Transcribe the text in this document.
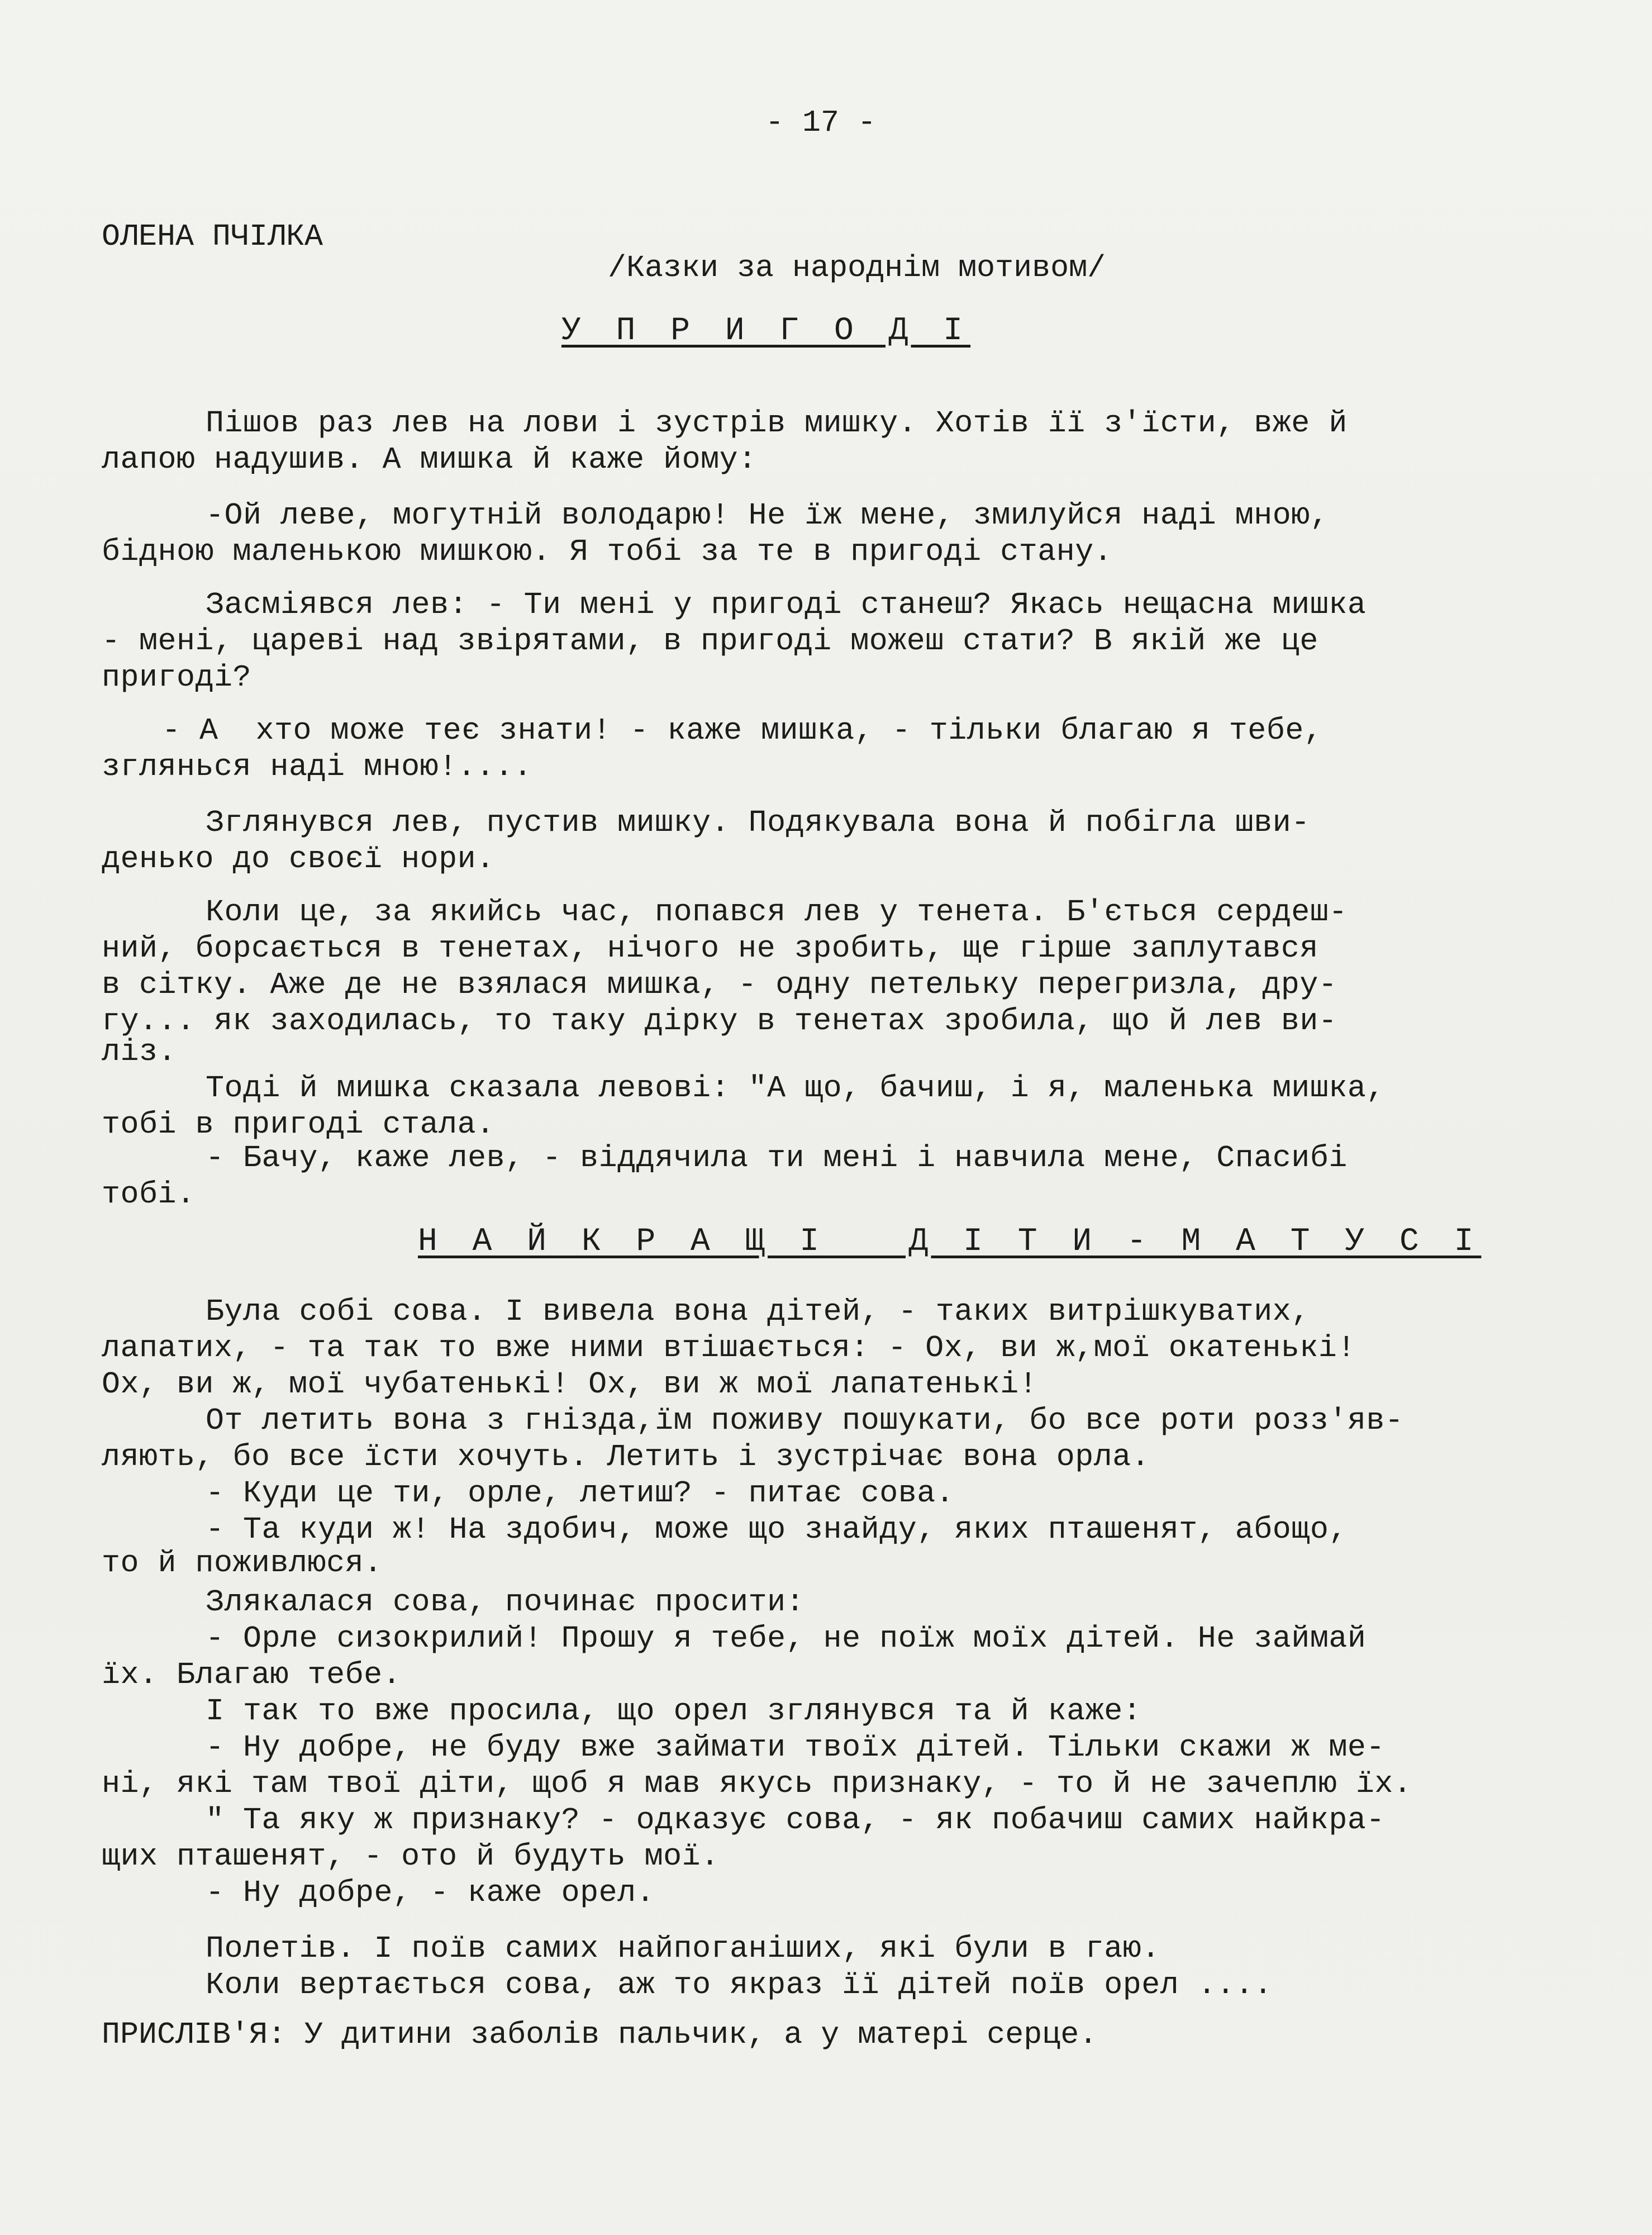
- 17 -
ОЛЕНА ПЧІЛКА
/Казки за народнім мотивом/
У П Р И Г О Д І
Пішов раз лев на лови і зустрів мишку. Хотів її з'їсти, вже й
лапою надушив. А мишка й каже йому:
-Ой леве, могутній володарю! Не їж мене, змилуйся наді мною,
бідною маленькою мишкою. Я тобі за те в пригоді стану.
Засміявся лев: - Ти мені у пригоді станеш? Якась нещасна мишка
- мені, цареві над звірятами, в пригоді можеш стати? В якій же це
пригоді?
- А  хто може теє знати! - каже мишка, - тільки благаю я тебе,
зглянься наді мною!....
Зглянувся лев, пустив мишку. Подякувала вона й побігла шви-
денько до своєї нори.
Коли це, за якийсь час, попався лев у тенета. Б'ється сердеш-
ний, борсається в тенетах, нічого не зробить, ще гірше заплутався
в сітку. Аже де не взялася мишка, - одну петельку перегризла, дру-
гу... як заходилась, то таку дірку в тенетах зробила, що й лев ви-
ліз.
Тоді й мишка сказала левові: "А що, бачиш, і я, маленька мишка,
тобі в пригоді стала.
- Бачу, каже лев, - віддячила ти мені і навчила мене, Спасибі
тобі.
Н А Й К Р А Щ І   Д І Т И - М А Т У С І
Була собі сова. І вивела вона дітей, - таких витрішкуватих,
лапатих, - та так то вже ними втішається: - Ох, ви ж,мої окатенькі!
Ох, ви ж, мої чубатенькі! Ох, ви ж мої лапатенькі!
От летить вона з гнізда,їм поживу пошукати, бо все роти розз'яв-
ляють, бо все їсти хочуть. Летить і зустрічає вона орла.
- Куди це ти, орле, летиш? - питає сова.
- Та куди ж! На здобич, може що знайду, яких пташенят, абощо,
то й поживлюся.
Злякалася сова, починає просити:
- Орле сизокрилий! Прошу я тебе, не поїж моїх дітей. Не займай
їх. Благаю тебе.
І так то вже просила, що орел зглянувся та й каже:
- Ну добре, не буду вже займати твоїх дітей. Тільки скажи ж ме-
ні, які там твої діти, щоб я мав якусь признаку, - то й не зачеплю їх.
" Та яку ж признаку? - одказує сова, - як побачиш самих найкра-
щих пташенят, - ото й будуть мої.
- Ну добре, - каже орел.
Полетів. І поїв самих найпоганіших, які були в гаю.
Коли вертається сова, аж то якраз її дітей поїв орел ....
ПРИСЛІВ'Я: У дитини заболів пальчик, а у матері серце.
